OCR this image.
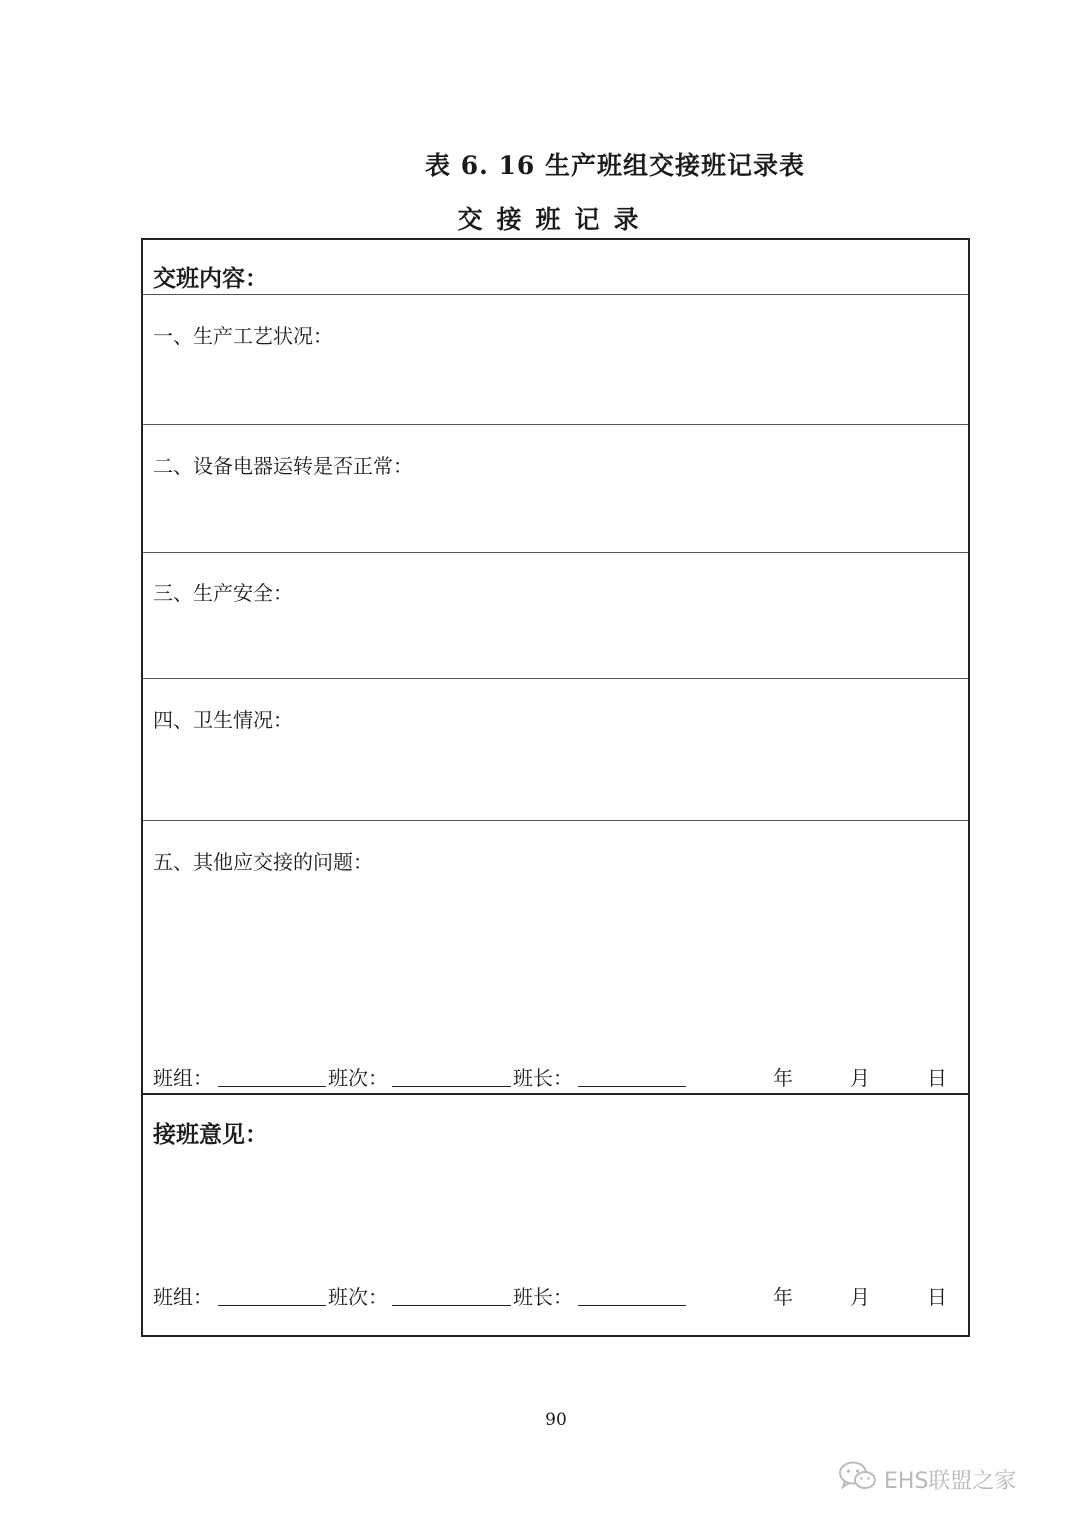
表 6. 16 生产班组交接班记录表
交接班记录
交班内容：
一、生产工艺状况：
二、设备电器运转是否正常：
三、生产安全：
四、卫生情况：
五、其他应交接的问题：
班组：	班次：	班长：	年	月	日
接班意见：
班组：	班次：	班长：	年	月	日
90
EHS联盟之家
